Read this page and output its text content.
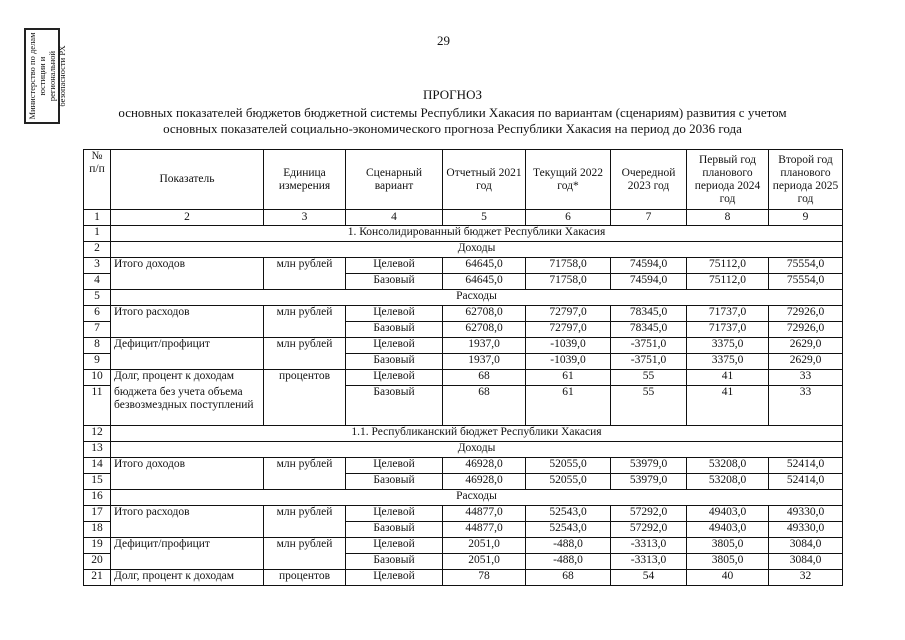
29
Министерство по делам юстиции и региональной безопасности РХ	ПРОГНОЗ
основных показателей бюджетов бюджетной системы Республики Хакасия по вариантам (сценариям) развития с учетом
основных показателей социально-экономического прогноза Республики Хакасия на период до 2036 года
№ п/п	Показатель	Единица измерения	Сценарный вариант	Отчетный 2021 год	Текущий 2022 год*	Очередной 2023 год	Первый год планового периода 2024 год	Второй год планового периода 2025 год
1	2	3	4	5	6	7	8	9
1	1. Консолидированный бюджет Республики Хакасия							
2	Доходы							
3	Итого доходов	млн рублей	Целевой	64645,0	71758,0	74594,0	75112,0	75554,0
4			Базовый	64645,0	71758,0	74594,0	75112,0	75554,0
5	Расходы							
6	Итого расходов	млн рублей	Целевой	62708,0	72797,0	78345,0	71737,0	72926,0
7			Базовый	62708,0	72797,0	78345,0	71737,0	72926,0
8	Дефицит/профицит	млн рублей	Целевой	1937,0	-1039,0	-3751,0	3375,0	2629,0
9			Базовый	1937,0	-1039,0	-3751,0	3375,0	2629,0
10	Долг, процент к доходам	процентов	Целевой	68	61	55	41	33
11	бюджета без учета объема безвозмездных поступлений		Базовый	68	61	55	41	33
12	1.1. Республиканский бюджет Республики Хакасия							
13	Доходы							
14	Итого доходов	млн рублей	Целевой	46928,0	52055,0	53979,0	53208,0	52414,0
15			Базовый	46928,0	52055,0	53979,0	53208,0	52414,0
16	Расходы							
17	Итого расходов	млн рублей	Целевой	44877,0	52543,0	57292,0	49403,0	49330,0
18			Базовый	44877,0	52543,0	57292,0	49403,0	49330,0
19	Дефицит/профицит	млн рублей	Целевой	2051,0	-488,0	-3313,0	3805,0	3084,0
20			Базовый	2051,0	-488,0	-3313,0	3805,0	3084,0
21	Долг, процент к доходам	процентов	Целевой	78	68	54	40	32
